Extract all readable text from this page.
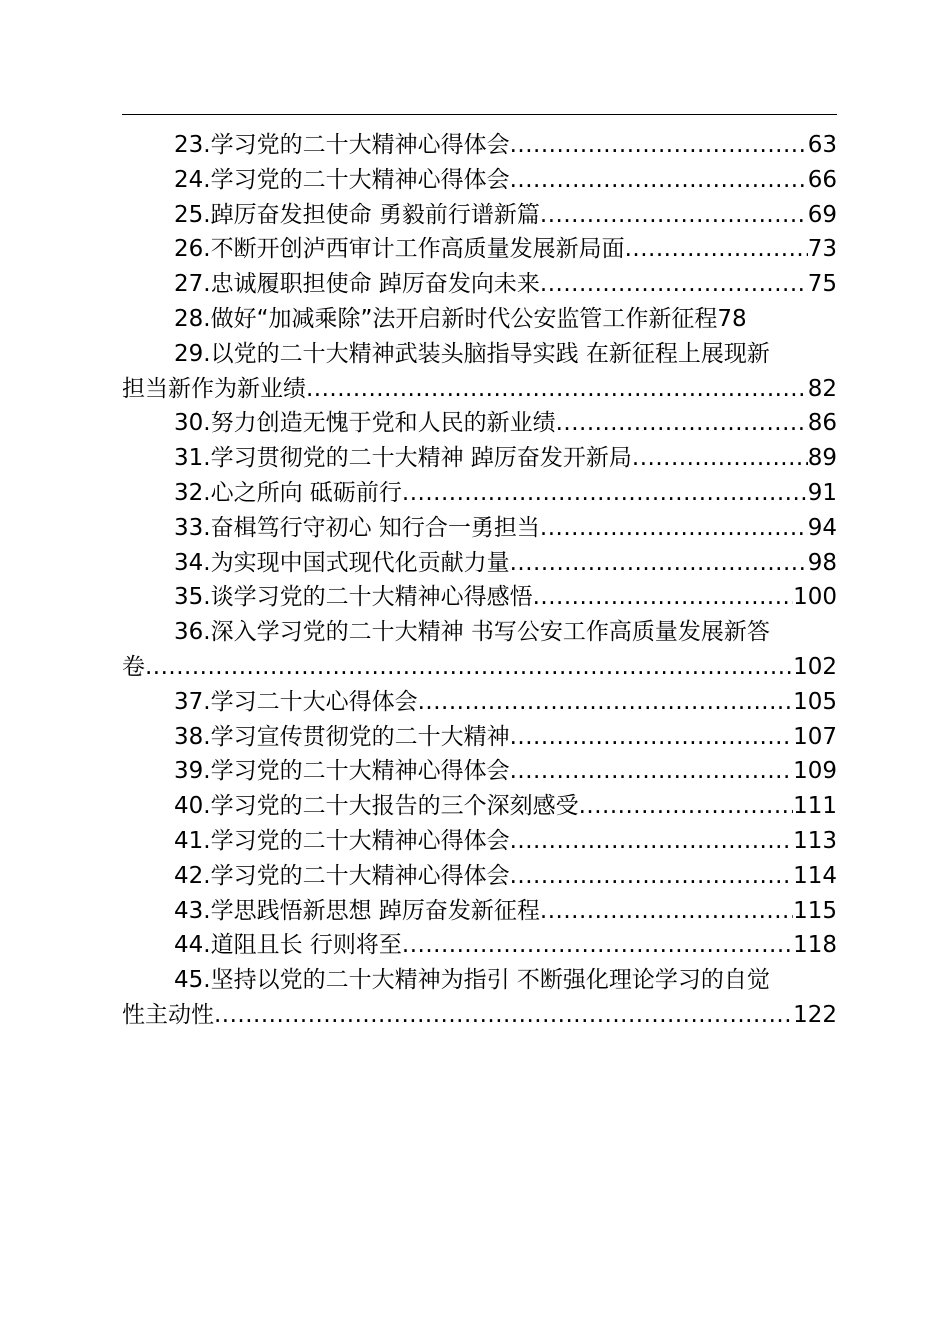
23.学习党的二十大精神心得体会 .....	63
24.学习党的二十大精神心得体会 .....	66
25.踔厉奋发担使命 勇毅前行谱新篇 .....	69
26.不断开创泸西审计工作高质量发展新局面 .....	73
27.忠诚履职担使命 踔厉奋发向未来 .....	75
28.做好“加减乘除”法开启新时代公安监管工作新征程 78
29.以党的二十大精神武装头脑指导实践 在新征程上展现新
担当新作为新业绩 .....	82
30.努力创造无愧于党和人民的新业绩 .....	86
31.学习贯彻党的二十大精神 踔厉奋发开新局 .....	89
32.心之所向 砥砺前行 .....	91
33.奋楫笃行守初心 知行合一勇担当 .....	94
34.为实现中国式现代化贡献力量 .....	98
35.谈学习党的二十大精神心得感悟 .....	100
36.深入学习党的二十大精神 书写公安工作高质量发展新答
卷 .....	102
37.学习二十大心得体会 .....	105
38.学习宣传贯彻党的二十大精神 .....	107
39.学习党的二十大精神心得体会 .....	109
40.学习党的二十大报告的三个深刻感受 .....	111
41.学习党的二十大精神心得体会 .....	113
42.学习党的二十大精神心得体会 .....	114
43.学思践悟新思想 踔厉奋发新征程 .....	115
44.道阻且长 行则将至 .....	118
45.坚持以党的二十大精神为指引 不断强化理论学习的自觉
性主动性 .....	122
